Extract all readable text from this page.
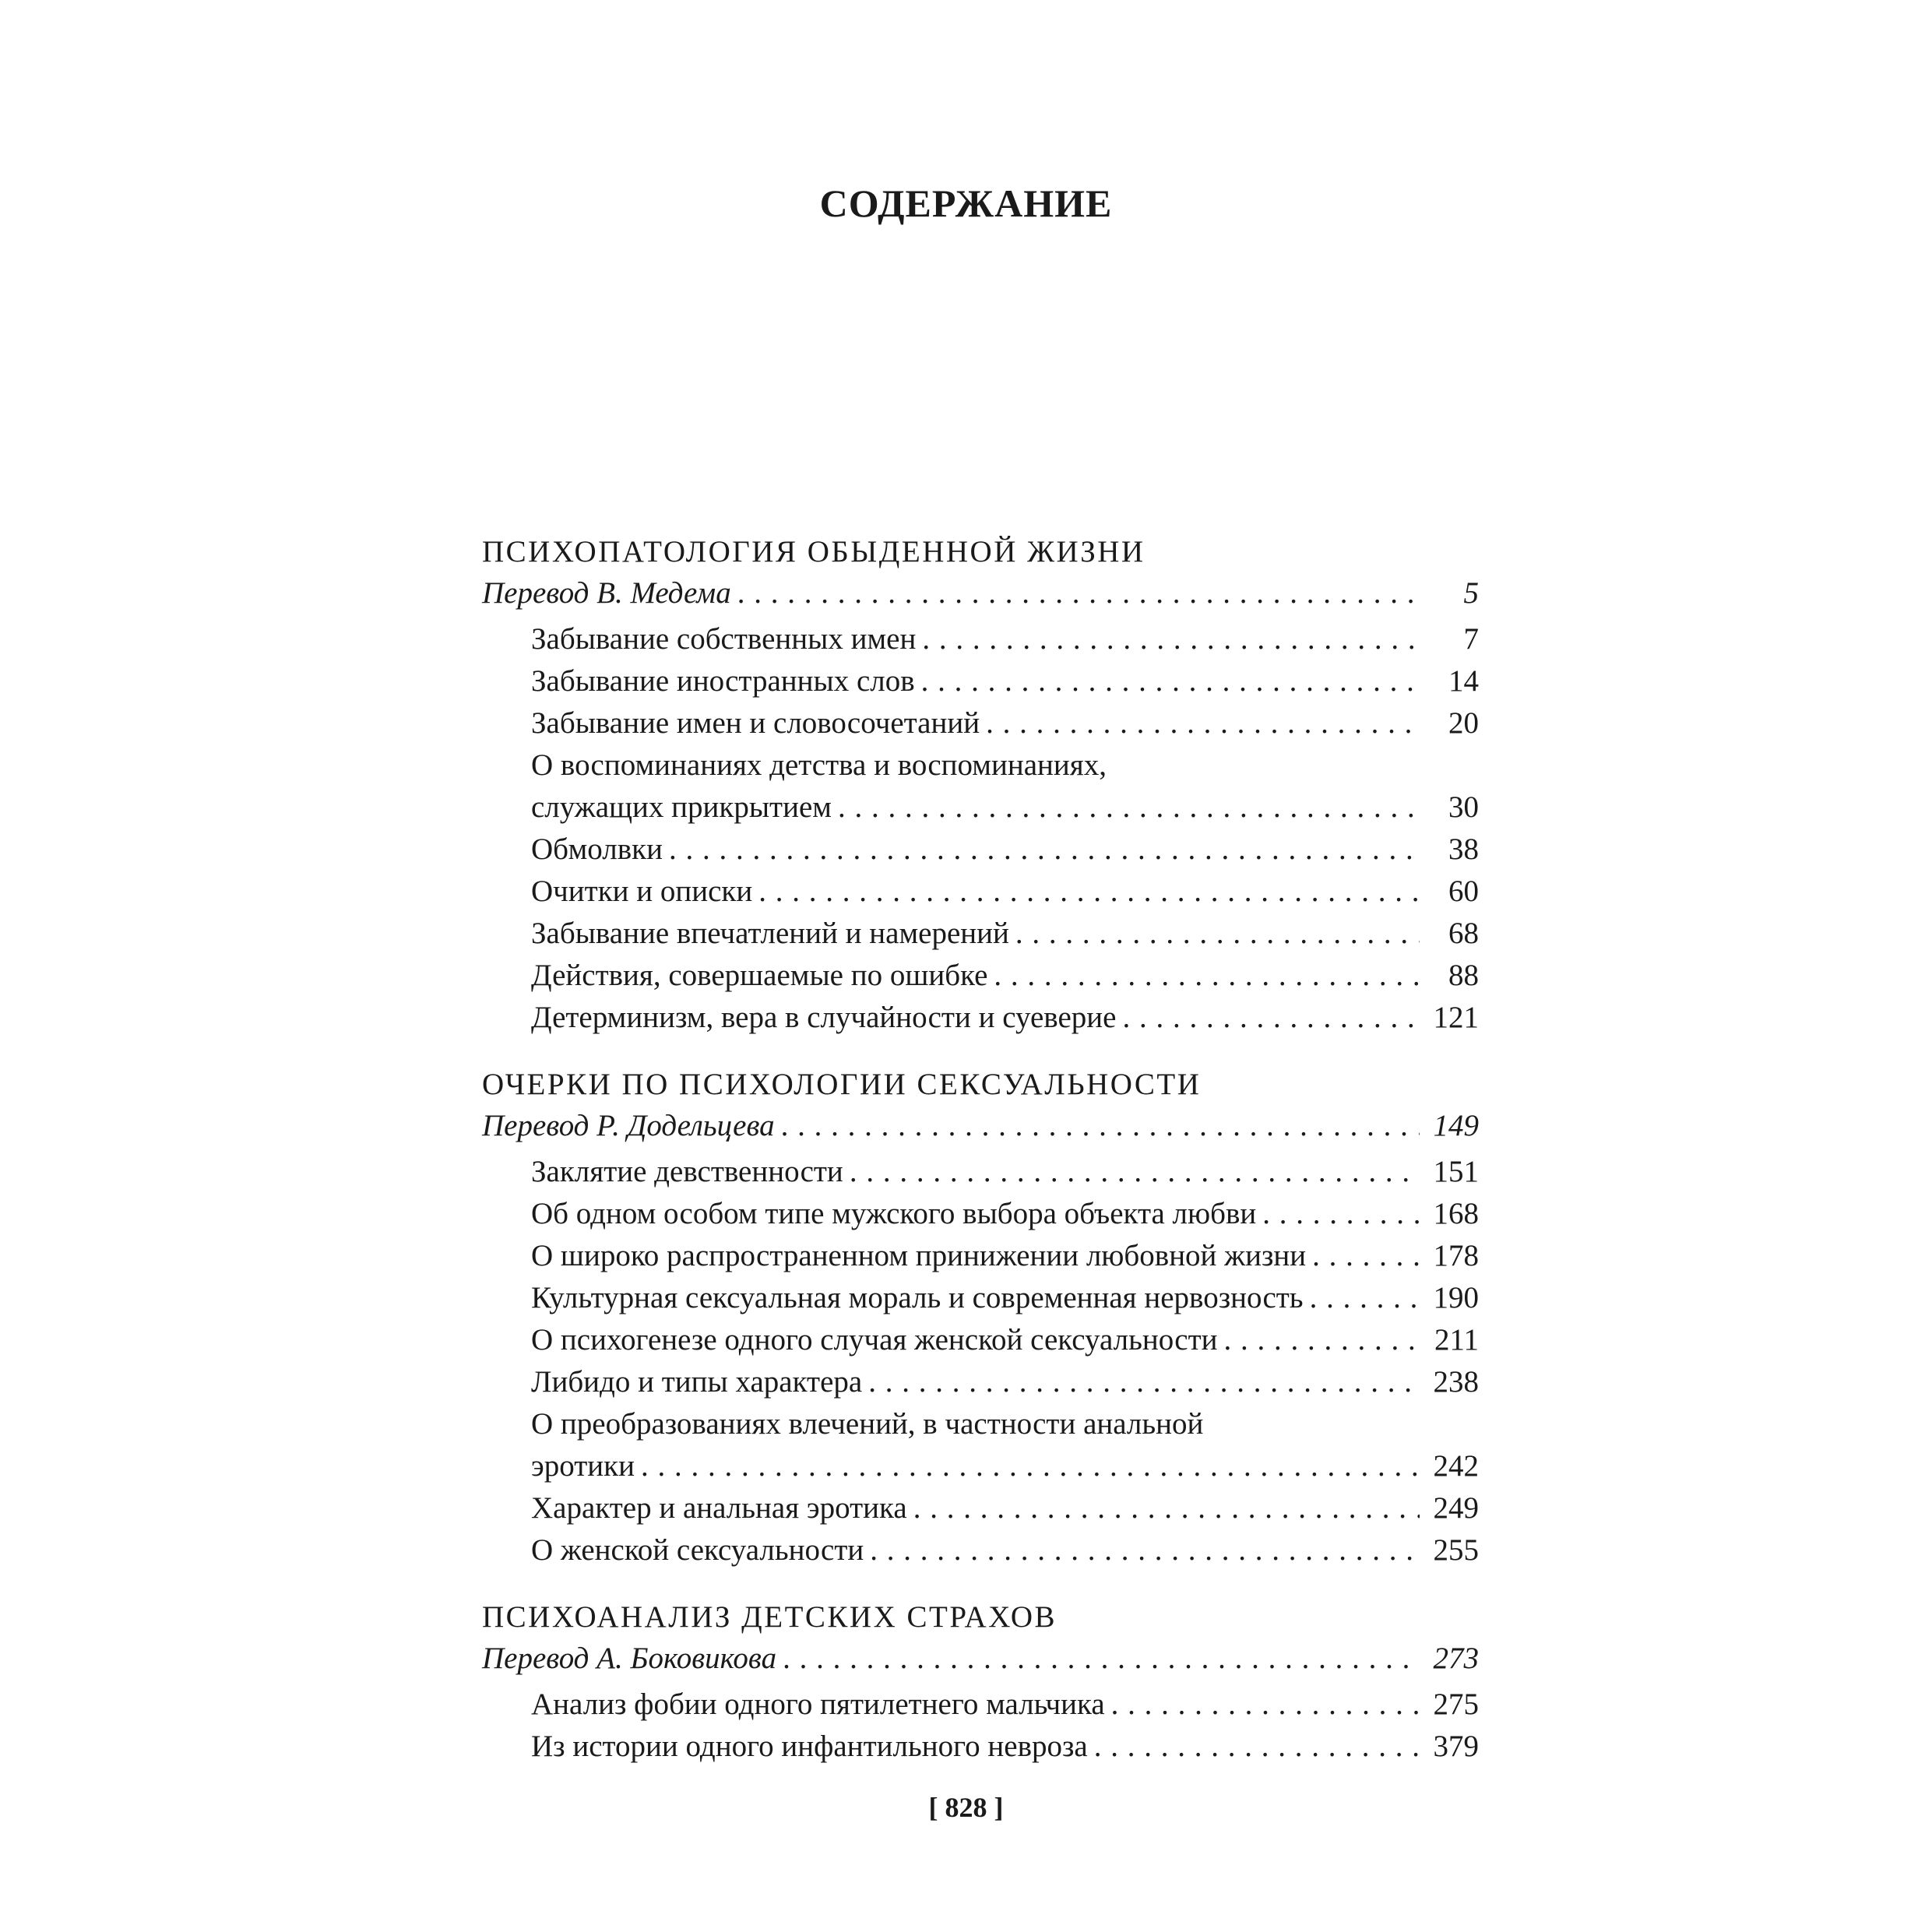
СОДЕРЖАНИЕ
ПСИХОПАТОЛОГИЯ ОБЫДЕННОЙ ЖИЗНИ
Перевод В. Медема . . .	5
Забывание собственных имен . . .	7
Забывание иностранных слов . . .	14
Забывание имен и словосочетаний . . .	20
О воспоминаниях детства и воспоминаниях,
служащих прикрытием . . .	30
Обмолвки . . .	38
Очитки и описки . . .	60
Забывание впечатлений и намерений . . .	68
Действия, совершаемые по ошибке . . .	88
Детерминизм, вера в случайности и суеверие . . .	121
ОЧЕРКИ ПО ПСИХОЛОГИИ СЕКСУАЛЬНОСТИ
Перевод Р. Додельцева . . .	149
Заклятие девственности . . .	151
Об одном особом типе мужского выбора объекта любви . . .	168
О широко распространенном принижении любовной жизни . . .	178
Культурная сексуальная мораль и современная нервозность . . .	190
О психогенезе одного случая женской сексуальности . . .	211
Либидо и типы характера . . .	238
О преобразованиях влечений, в частности анальной
эротики . . .	242
Характер и анальная эротика . . .	249
О женской сексуальности . . .	255
ПСИХОАНАЛИЗ ДЕТСКИХ СТРАХОВ
Перевод А. Боковикова . . .	273
Анализ фобии одного пятилетнего мальчика . . .	275
Из истории одного инфантильного невроза . . .	379
[ 828 ]
